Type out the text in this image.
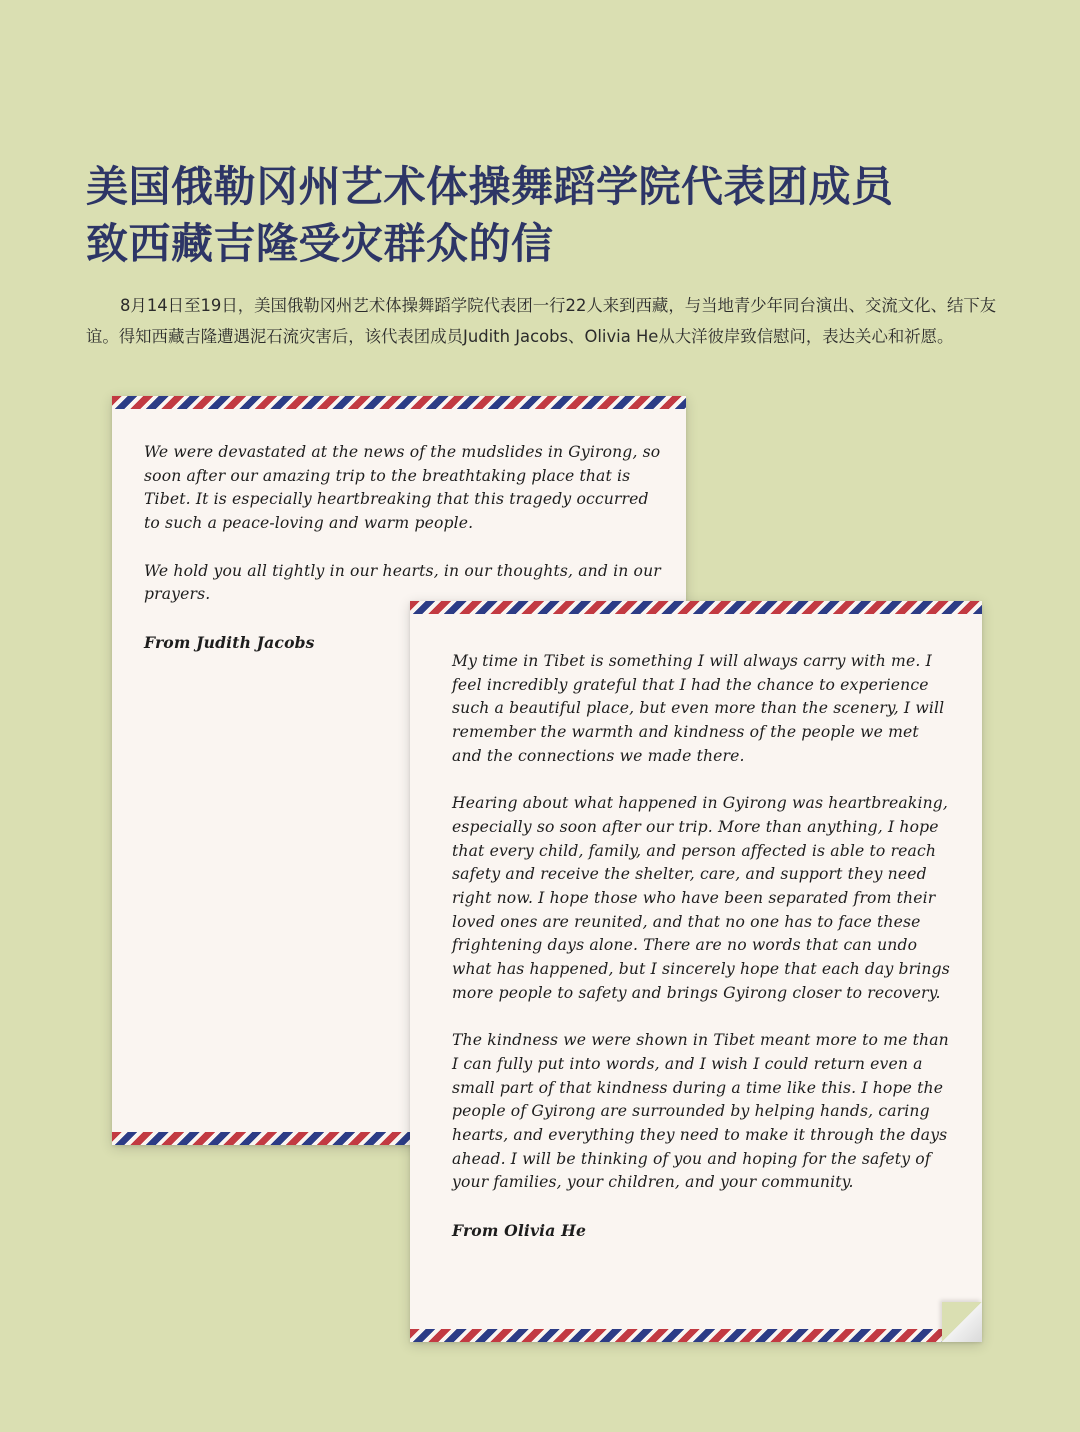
美国俄勒冈州艺术体操舞蹈学院代表团成员
致西藏吉隆受灾群众的信

8月14日至19日，美国俄勒冈州艺术体操舞蹈学院代表团一行22人来到西藏，与当地青少年同台演出、交流文化、结下友谊。得知西藏吉隆遭遇泥石流灾害后，该代表团成员Judith Jacobs、Olivia He从大洋彼岸致信慰问，表达关心和祈愿。

We were devastated at the news of the mudslides in Gyirong, so soon after our amazing trip to the breathtaking place that is Tibet. It is especially heartbreaking that this tragedy occurred to such a peace-loving and warm people.

We hold you all tightly in our hearts, in our thoughts, and in our prayers.

From Judith Jacobs

My time in Tibet is something I will always carry with me. I feel incredibly grateful that I had the chance to experience such a beautiful place, but even more than the scenery, I will remember the warmth and kindness of the people we met and the connections we made there.

Hearing about what happened in Gyirong was heartbreaking, especially so soon after our trip. More than anything, I hope that every child, family, and person affected is able to reach safety and receive the shelter, care, and support they need right now. I hope those who have been separated from their loved ones are reunited, and that no one has to face these frightening days alone. There are no words that can undo what has happened, but I sincerely hope that each day brings more people to safety and brings Gyirong closer to recovery.

The kindness we were shown in Tibet meant more to me than I can fully put into words, and I wish I could return even a small part of that kindness during a time like this. I hope the people of Gyirong are surrounded by helping hands, caring hearts, and everything they need to make it through the days ahead. I will be thinking of you and hoping for the safety of your families, your children, and your community.

From Olivia He
